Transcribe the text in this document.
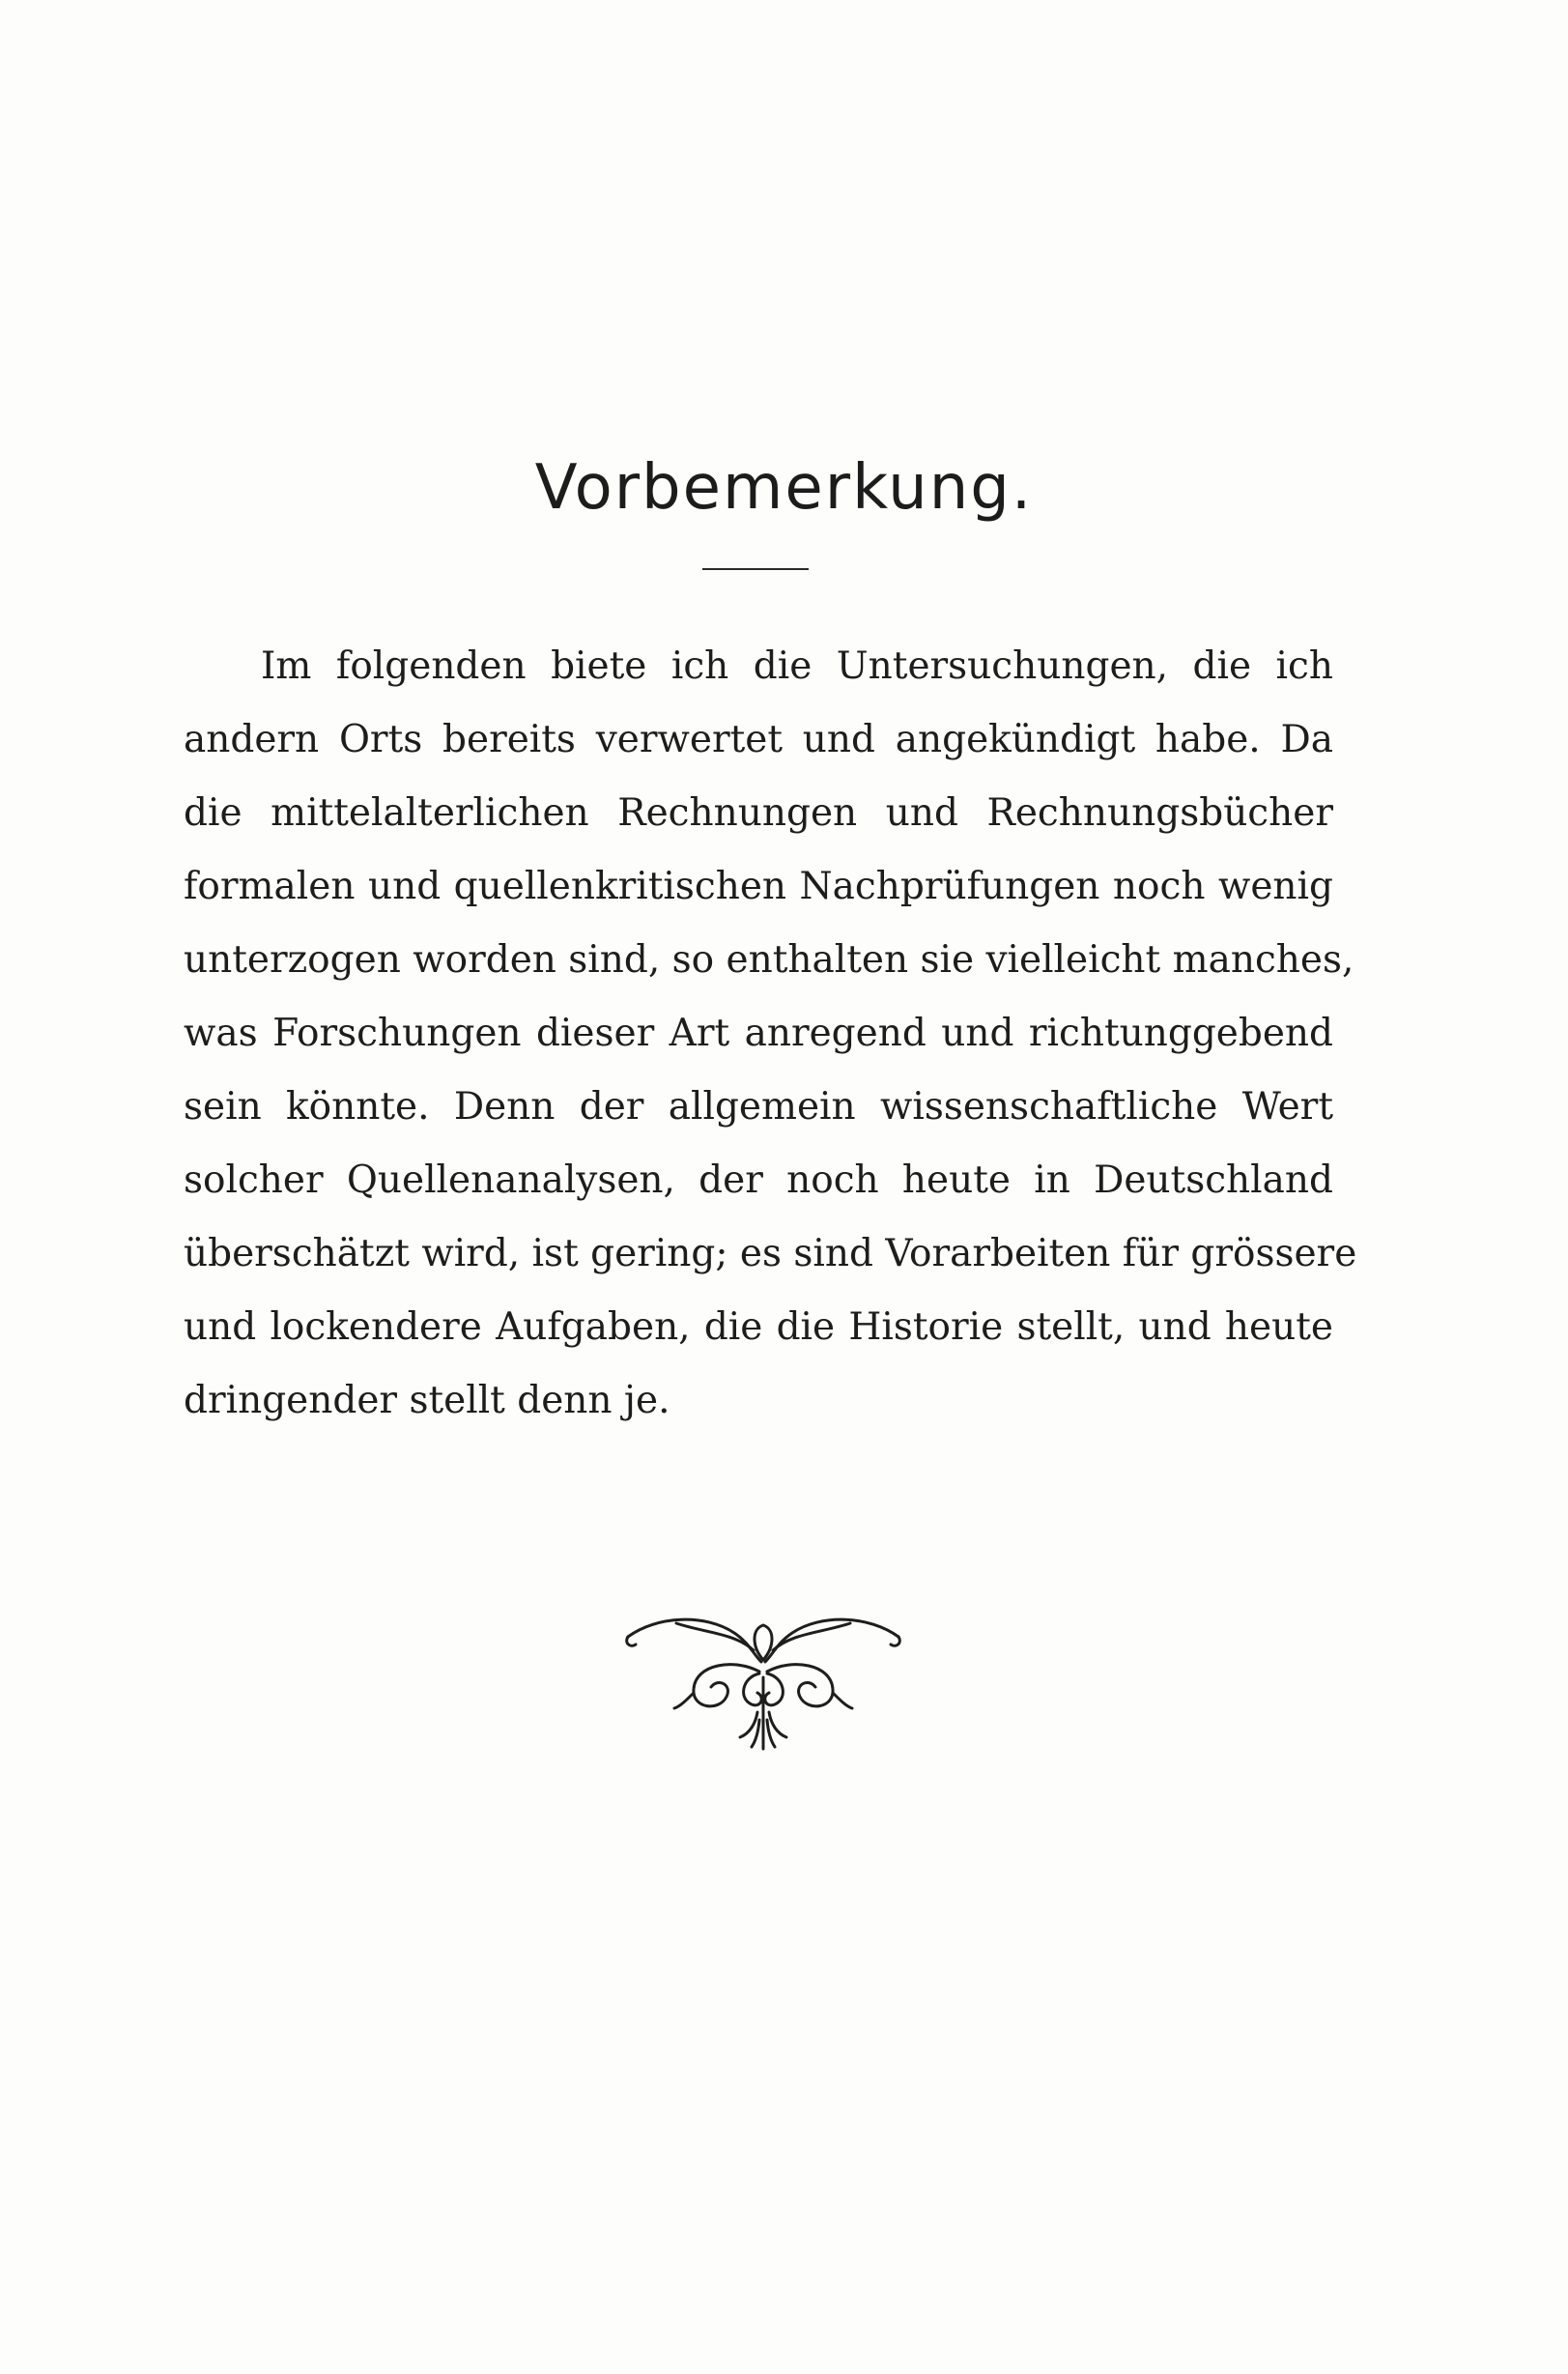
Vorbemerkung.
Im folgenden biete ich die Untersuchungen, die ich
andern Orts bereits verwertet und angekündigt habe. Da
die mittelalterlichen Rechnungen und Rechnungsbücher
formalen und quellenkritischen Nachprüfungen noch wenig
unterzogen worden sind, so enthalten sie vielleicht manches,
was Forschungen dieser Art anregend und richtunggebend
sein könnte. Denn der allgemein wissenschaftliche Wert
solcher Quellenanalysen, der noch heute in Deutschland
überschätzt wird, ist gering; es sind Vorarbeiten für grössere
und lockendere Aufgaben, die die Historie stellt, und heute
dringender stellt denn je.
